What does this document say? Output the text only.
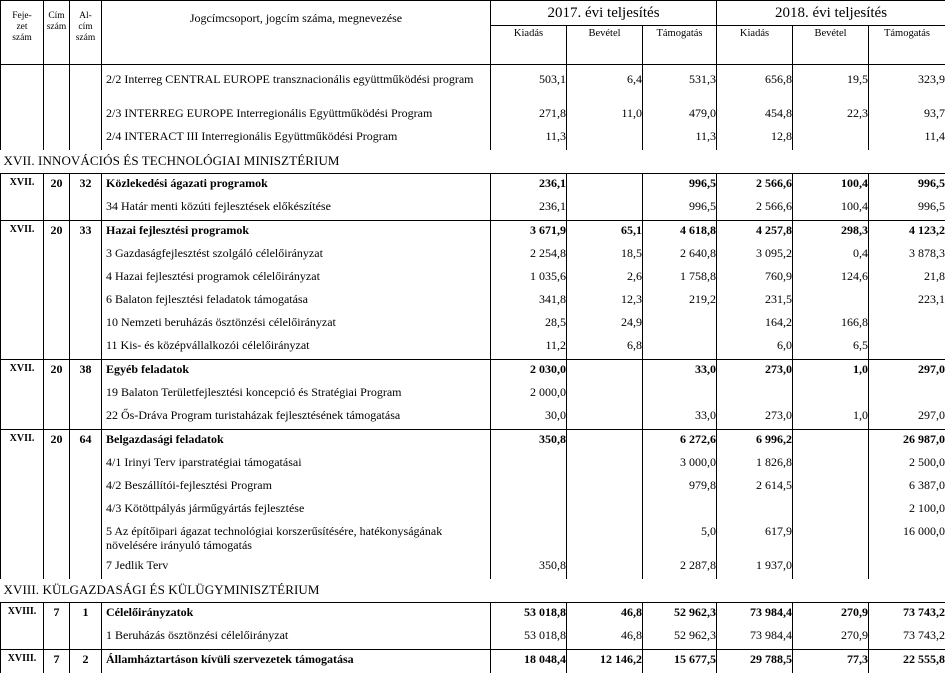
Feje-
zet
szám	Cím
szám	Al-
cím
szám	Jogcímcsoport, jogcím száma, megnevezése	2017. évi teljesítés			2018. évi teljesítés		
				Kiadás	Bevétel	Támogatás	Kiadás	Bevétel	Támogatás

			2/2 Interreg CENTRAL EUROPE transznacionális együttműködési program	503,1	6,4	531,3	656,8	19,5	323,9
			2/3 INTERREG EUROPE Interregionális Együttműködési Program	271,8	11,0	479,0	454,8	22,3	93,7
			2/4 INTERACT III Interregionális Együttműködési Program	11,3		11,3	12,8		11,4
XVII. INNOVÁCIÓS ÉS TECHNOLÓGIAI MINISZTÉRIUM									
XVII.	20	32	Közlekedési ágazati programok	236,1		996,5	2 566,6	100,4	996,5
			34 Határ menti közúti fejlesztések előkészítése	236,1		996,5	2 566,6	100,4	996,5
XVII.	20	33	Hazai fejlesztési programok	3 671,9	65,1	4 618,8	4 257,8	298,3	4 123,2
			3 Gazdaságfejlesztést szolgáló célelőirányzat	2 254,8	18,5	2 640,8	3 095,2	0,4	3 878,3
			4 Hazai fejlesztési programok célelőirányzat	1 035,6	2,6	1 758,8	760,9	124,6	21,8
			6 Balaton fejlesztési feladatok támogatása	341,8	12,3	219,2	231,5		223,1
			10 Nemzeti beruházás ösztönzési célelőirányzat	28,5	24,9		164,2	166,8	
			11 Kis- és középvállalkozói célelőirányzat	11,2	6,8		6,0	6,5	
XVII.	20	38	Egyéb feladatok	2 030,0		33,0	273,0	1,0	297,0
			19 Balaton Területfejlesztési koncepció és Stratégiai Program	2 000,0					
			22 Ős-Dráva Program turistaházak fejlesztésének támogatása	30,0		33,0	273,0	1,0	297,0
XVII.	20	64	Belgazdasági feladatok	350,8		6 272,6	6 996,2		26 987,0
			4/1 Irinyi Terv iparstratégiai támogatásai			3 000,0	1 826,8		2 500,0
			4/2 Beszállítói-fejlesztési Program			979,8	2 614,5		6 387,0
			4/3 Kötöttpályás járműgyártás fejlesztése						2 100,0
			5 Az építőipari ágazat technológiai korszerűsítésére, hatékonyságának növelésére irányuló támogatás			5,0	617,9		16 000,0
			7 Jedlik Terv	350,8		2 287,8	1 937,0		
XVIII. KÜLGAZDASÁGI ÉS KÜLÜGYMINISZTÉRIUM									
XVIII.	7	1	Célelőirányzatok	53 018,8	46,8	52 962,3	73 984,4	270,9	73 743,2
			1 Beruházás ösztönzési célelőirányzat	53 018,8	46,8	52 962,3	73 984,4	270,9	73 743,2
XVIII.	7	2	Államháztartáson kívüli szervezetek támogatása	18 048,4	12 146,2	15 677,5	29 788,5	77,3	22 555,8
